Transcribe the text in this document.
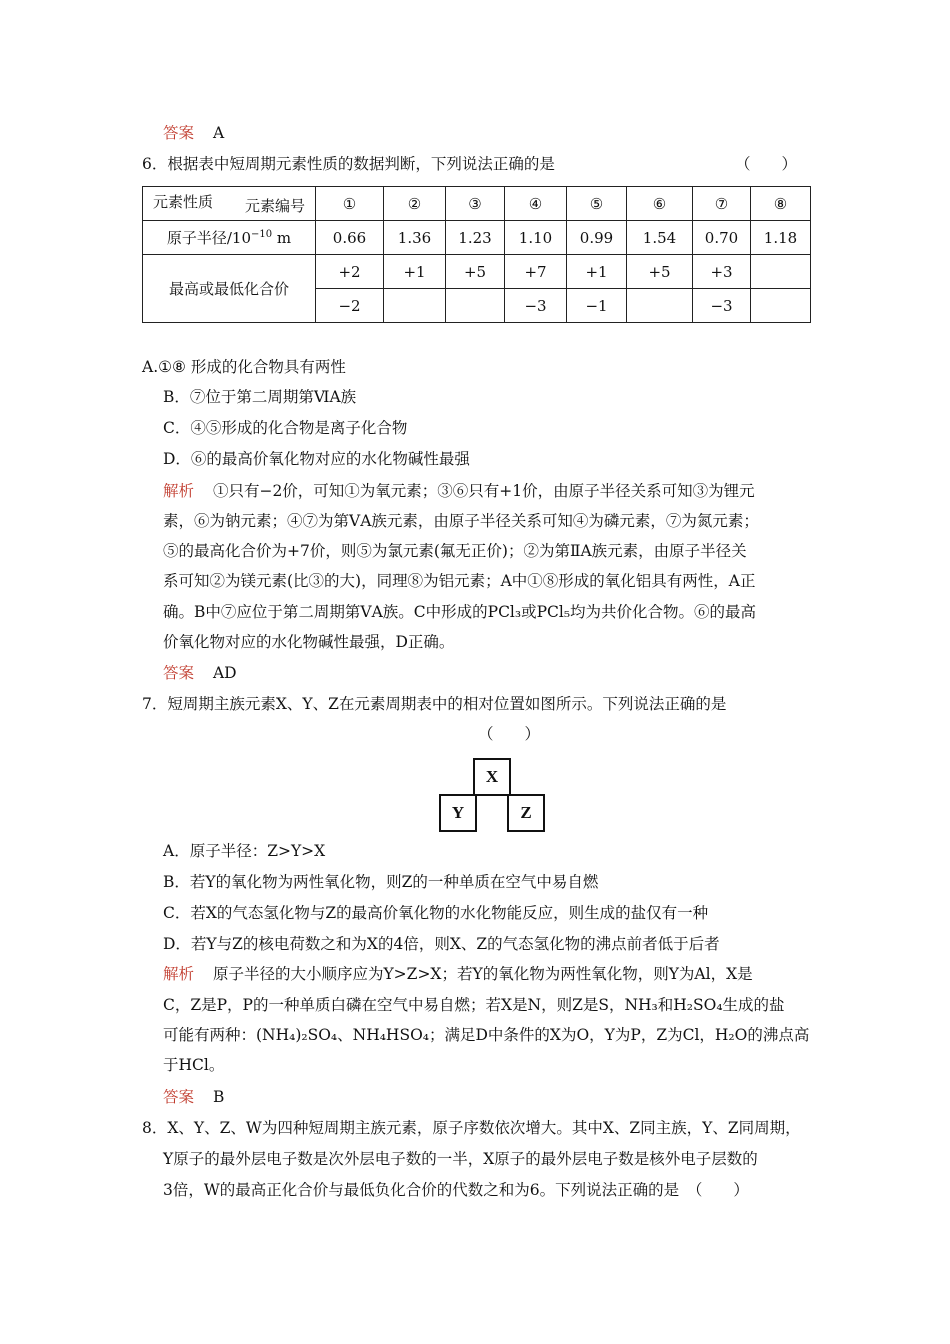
答案 A
6．根据表中短周期元素性质的数据判断，下列说法正确的是	（　　）
元素编号
元素性质	①	②	③	④	⑤	⑥	⑦	⑧
原子半径$/10^{-10}$ m	0.66	1.36	1.23	1.10	0.99	1.54	0.70	1.18
最高或最低化合价	+2	+1	+5	+7	+1	+5	+3	
	−2			−3	−1		−3	
A.①⑧ 形成的化合物具有两性
B．⑦位于第二周期第ⅥA族
C．④⑤形成的化合物是离子化合物
D．⑥的最高价氧化物对应的水化物碱性最强
解析 ①只有−2价，可知①为氧元素；③⑥只有+1价，由原子半径关系可知③为锂元
素，⑥为钠元素；④⑦为第ⅤA族元素，由原子半径关系可知④为磷元素，⑦为氮元素；
⑤的最高化合价为+7价，则⑤为氯元素(氟无正价)；②为第ⅡA族元素，由原子半径关
系可知②为镁元素(比③的大)，同理⑧为铝元素；A中①⑧形成的氧化铝具有两性，A正
确。B中⑦应位于第二周期第ⅤA族。C中形成的PCl₃或PCl₅均为共价化合物。⑥的最高
价氧化物对应的水化物碱性最强，D正确。
答案 AD
7．短周期主族元素X、Y、Z在元素周期表中的相对位置如图所示。下列说法正确的是
（　　）
X
Y	Z
A．原子半径：Z>Y>X
B．若Y的氧化物为两性氧化物，则Z的一种单质在空气中易自燃
C．若X的气态氢化物与Z的最高价氧化物的水化物能反应，则生成的盐仅有一种
D．若Y与Z的核电荷数之和为X的4倍，则X、Z的气态氢化物的沸点前者低于后者
解析 原子半径的大小顺序应为Y>Z>X；若Y的氧化物为两性氧化物，则Y为Al，X是
C，Z是P，P的一种单质白磷在空气中易自燃；若X是N，则Z是S，NH₃和H₂SO₄生成的盐
可能有两种：(NH₄)₂SO₄、NH₄HSO₄；满足D中条件的X为O，Y为P，Z为Cl，H₂O的沸点高
于HCl。
答案 B
8．X、Y、Z、W为四种短周期主族元素，原子序数依次增大。其中X、Z同主族，Y、Z同周期，
Y原子的最外层电子数是次外层电子数的一半，X原子的最外层电子数是核外电子层数的
3倍，W的最高正化合价与最低负化合价的代数之和为6。下列说法正确的是　（　　）
